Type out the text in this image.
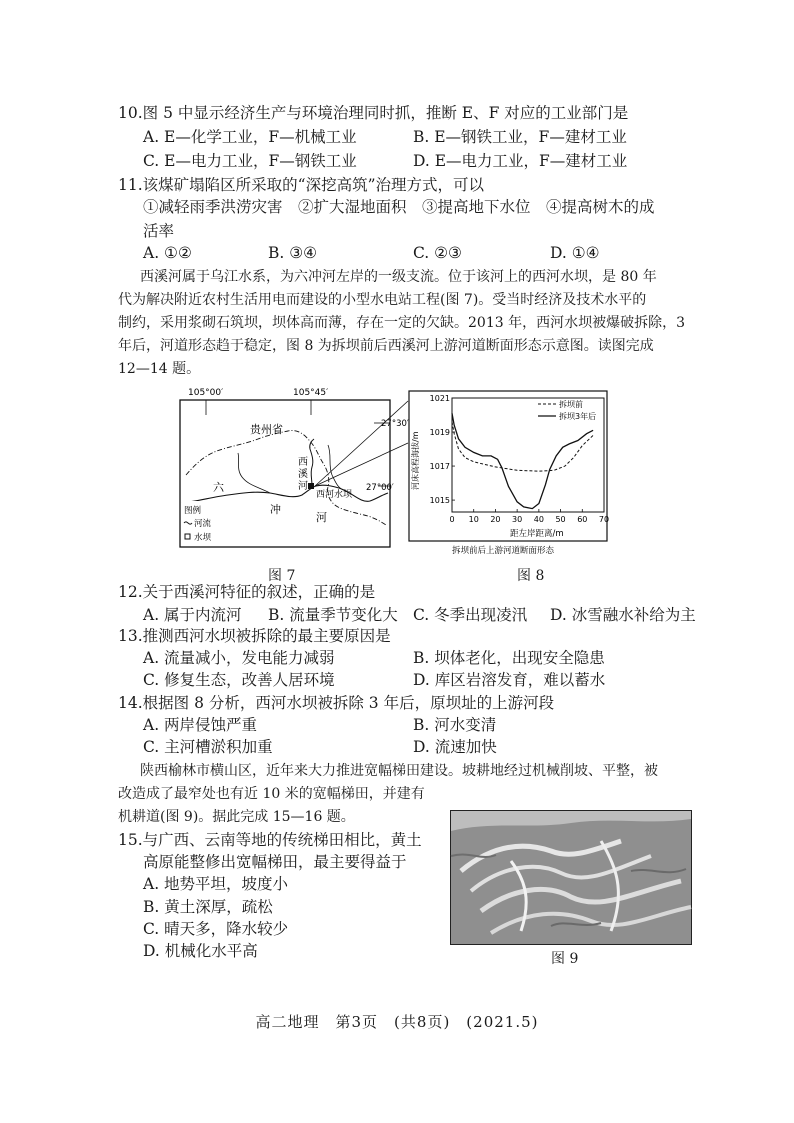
10.图 5 中显示经济生产与环境治理同时抓，推断 E、F 对应的工业部门是
A. E—化学工业，F—机械工业	B. E—钢铁工业，F—建材工业
C. E—电力工业，F—钢铁工业	D. E—电力工业，F—建材工业
11.该煤矿塌陷区所采取的“深挖高筑”治理方式，可以
①减轻雨季洪涝灾害　②扩大湿地面积　③提高地下水位　④提高树木的成
活率
A. ①②	B. ③④	C. ②③	D. ①④
西溪河属于乌江水系，为六冲河左岸的一级支流。位于该河上的西河水坝，是 80 年
代为解决附近农村生活用电而建设的小型水电站工程(图 7)。受当时经济及技术水平的
制约，采用浆砌石筑坝，坝体高而薄，存在一定的欠缺。2013 年，西河水坝被爆破拆除，3
年后，河道形态趋于稳定，图 8 为拆坝前后西溪河上游河道断面形态示意图。读图完成
12—14 题。
105°00′	105°45′
27°30′
27°00′
贵州省
西
溪
河
西河水坝
六
冲
河
图例
河流
水坝
图 7
0 10 20 30 40 50 60 70
1015
1017
1019
1021
拆坝前
拆坝3年后
河床高程海拔/m
距左岸距离/m
拆坝前后上游河道断面形态
图 8
12.关于西溪河特征的叙述，正确的是
A. 属于内流河 B. 流量季节变化大 C. 冬季出现凌汛 D. 冰雪融水补给为主
13.推测西河水坝被拆除的最主要原因是
A. 流量减小，发电能力减弱	B. 坝体老化，出现安全隐患
C. 修复生态，改善人居环境	D. 库区岩溶发育，难以蓄水
14.根据图 8 分析，西河水坝被拆除 3 年后，原坝址的上游河段
A. 两岸侵蚀严重	B. 河水变清
C. 主河槽淤积加重	D. 流速加快
陕西榆林市横山区，近年来大力推进宽幅梯田建设。坡耕地经过机械削坡、平整，被
改造成了最窄处也有近 10 米的宽幅梯田，并建有
机耕道(图 9)。据此完成 15—16 题。
15.与广西、云南等地的传统梯田相比，黄土
高原能整修出宽幅梯田，最主要得益于
A. 地势平坦，坡度小
B. 黄土深厚，疏松
C. 晴天多，降水较少
D. 机械化水平高	图 9
高二地理　第3页　(共8页)　(2021.5)
